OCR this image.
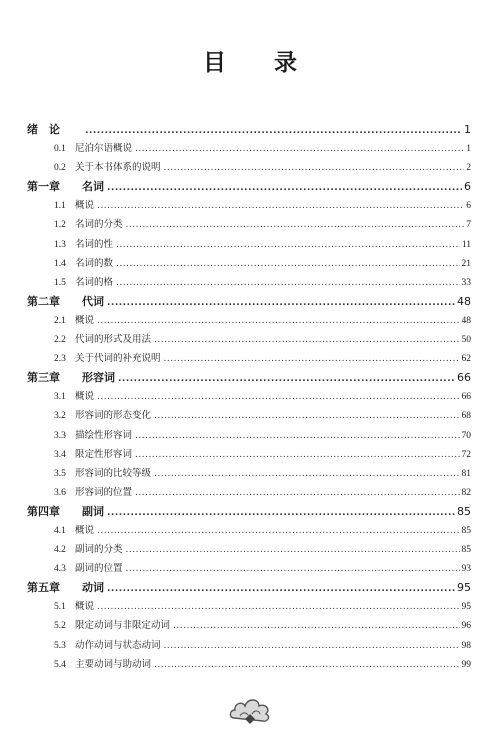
目 录
绪　论 .....	1
0.1 尼泊尔语概说 .....	1
0.2 关于本书体系的说明 .....	2
第一章	名词 .....	6
1.1 概说 .....	6
1.2 名词的分类 .....	7
1.3 名词的性 .....	11
1.4 名词的数 .....	21
1.5 名词的格 .....	33
第二章	代词 .....	48
2.1 概说 .....	48
2.2 代词的形式及用法 .....	50
2.3 关于代词的补充说明 .....	62
第三章	形容词 .....	66
3.1 概说 .....	66
3.2 形容词的形态变化 .....	68
3.3 描绘性形容词 .....	70
3.4 限定性形容词 .....	72
3.5 形容词的比较等级 .....	81
3.6 形容词的位置 .....	82
第四章	副词 .....	85
4.1 概说 .....	85
4.2 副词的分类 .....	85
4.3 副词的位置 .....	93
第五章	动词 .....	95
5.1 概说 .....	95
5.2 限定动词与非限定动词 .....	96
5.3 动作动词与状态动词 .....	98
5.4 主要动词与助动词 .....	99
